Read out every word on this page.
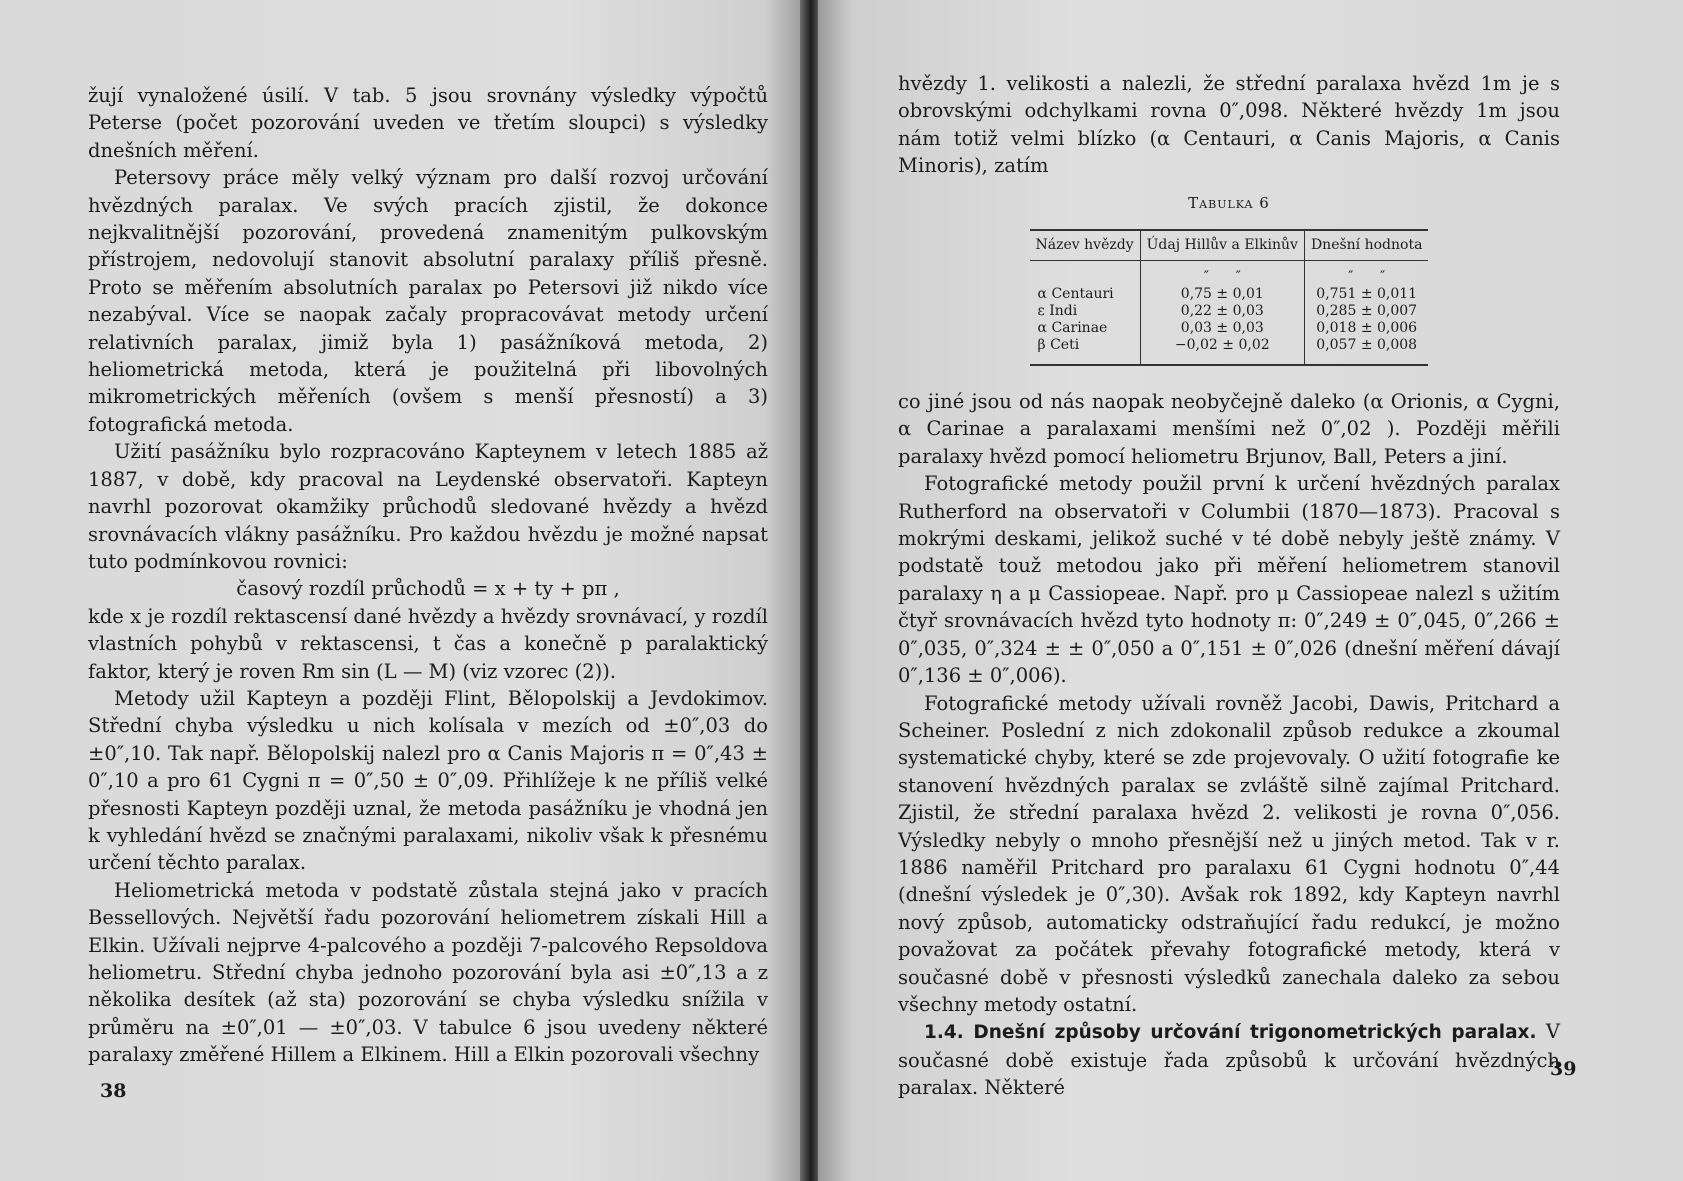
žují vynaložené úsilí. V tab. 5 jsou srovnány výsledky výpočtů Peterse (počet pozorování uveden ve třetím sloupci) s výsledky dnešních měření.

Petersovy práce měly velký význam pro další rozvoj určování hvězdných paralax. Ve svých pracích zjistil, že dokonce nejkvalitnější pozorování, provedená znamenitým pulkovským přístrojem, nedovolují stanovit absolutní paralaxy příliš přesně. Proto se měřením absolutních paralax po Petersovi již nikdo více nezabýval. Více se naopak začaly propracovávat metody určení relativních paralax, jimiž byla 1) pasážníková metoda, 2) heliometrická metoda, která je použitelná při libovolných mikrometrických měřeních (ovšem s menší přesností) a 3) fotografická metoda.

Užití pasážníku bylo rozpracováno Kapteynem v letech 1885 až 1887, v době, kdy pracoval na Leydenské observatoři. Kapteyn navrhl pozorovat okamžiky průchodů sledované hvězdy a hvězd srovnávacích vlákny pasážníku. Pro každou hvězdu je možné napsat tuto podmínkovou rovnici:

časový rozdíl průchodů = x + ty + pπ ,

kde x je rozdíl rektascensí dané hvězdy a hvězdy srovnávací, y rozdíl vlastních pohybů v rektascensi, t čas a konečně p paralaktický faktor, který je roven Rm sin (L — M) (viz vzorec (2)).

Metody užil Kapteyn a později Flint, Bělopolskij a Jevdokimov. Střední chyba výsledku u nich kolísala v mezích od ±0″,03 do ±0″,10. Tak např. Bělopolskij nalezl pro α Canis Majoris π = 0″,43 ± 0″,10 a pro 61 Cygni π = 0″,50 ± 0″,09. Přihlížeje k ne příliš velké přesnosti Kapteyn později uznal, že metoda pasážníku je vhodná jen k vyhledání hvězd se značnými paralaxami, nikoliv však k přesnému určení těchto paralax.

Heliometrická metoda v podstatě zůstala stejná jako v pracích Bessellových. Největší řadu pozorování heliometrem získali Hill a Elkin. Užívali nejprve 4-palcového a později 7-palcového Repsoldova heliometru. Střední chyba jednoho pozorování byla asi ±0″,13 a z několika desítek (až sta) pozorování se chyba výsledku snížila v průměru na ±0″,01 — ±0″,03. V tabulce 6 jsou uvedeny některé paralaxy změřené Hillem a Elkinem. Hill a Elkin pozorovali všechny

38

hvězdy 1. velikosti a nalezli, že střední paralaxa hvězd 1m je s obrovskými odchylkami rovna 0″,098. Některé hvězdy 1m jsou nám totiž velmi blízko (α Centauri, α Canis Majoris, α Canis Minoris), zatím

Tabulka 6
Název hvězdy	Údaj Hillův a Elkinův	Dnešní hodnota
	″      ″	″      ″
α Centauri	0,75 ± 0,01	0,751 ± 0,011
ε Indi	0,22 ± 0,03	0,285 ± 0,007
α Carinae	0,03 ± 0,03	0,018 ± 0,006
β Ceti	−0,02 ± 0,02	0,057 ± 0,008

co jiné jsou od nás naopak neobyčejně daleko (α Orionis, α Cygni, α Carinae a paralaxami menšími než 0″,02 ). Později měřili paralaxy hvězd pomocí heliometru Brjunov, Ball, Peters a jiní.

Fotografické metody použil první k určení hvězdných paralax Rutherford na observatoři v Columbii (1870—1873). Pracoval s mokrými deskami, jelikož suché v té době nebyly ještě známy. V podstatě touž metodou jako při měření heliometrem stanovil paralaxy η a μ Cassiopeae. Např. pro μ Cassiopeae nalezl s užitím čtyř srovnávacích hvězd tyto hodnoty π: 0″,249 ± 0″,045, 0″,266 ± 0″,035, 0″,324 ± ± 0″,050 a 0″,151 ± 0″,026 (dnešní měření dávají 0″,136 ± 0″,006).

Fotografické metody užívali rovněž Jacobi, Dawis, Pritchard a Scheiner. Poslední z nich zdokonalil způsob redukce a zkoumal systematické chyby, které se zde projevovaly. O užití fotografie ke stanovení hvězdných paralax se zvláště silně zajímal Pritchard. Zjistil, že střední paralaxa hvězd 2. velikosti je rovna 0″,056. Výsledky nebyly o mnoho přesnější než u jiných metod. Tak v r. 1886 naměřil Pritchard pro paralaxu 61 Cygni hodnotu 0″,44 (dnešní výsledek je 0″,30). Avšak rok 1892, kdy Kapteyn navrhl nový způsob, automaticky odstraňující řadu redukcí, je možno považovat za počátek převahy fotografické metody, která v současné době v přesnosti výsledků zanechala daleko za sebou všechny metody ostatní.

1.4. Dnešní způsoby určování trigonometrických paralax. V současné době existuje řada způsobů k určování hvězdných paralax. Některé

39
